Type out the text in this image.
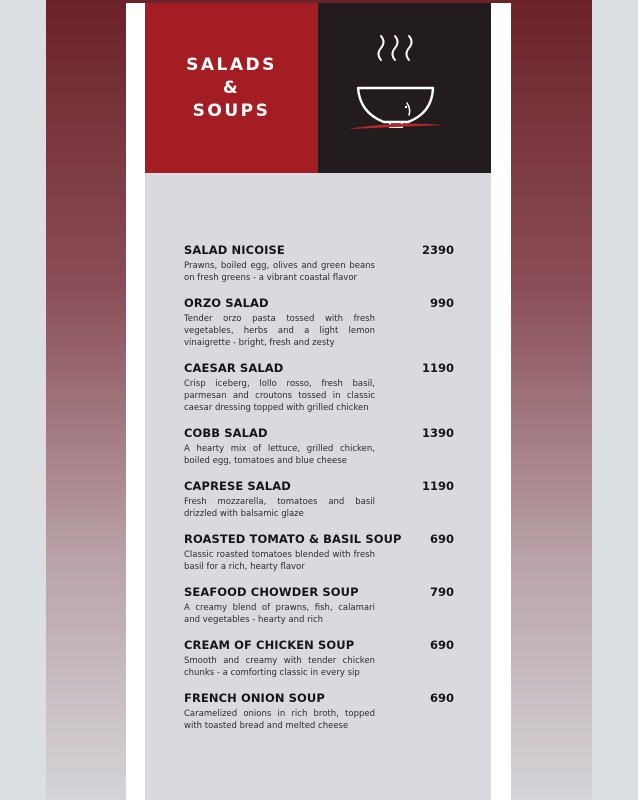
SALADS
&
SOUPS
SALAD NICOISE	2390
Prawns, boiled egg, olives and green beans on fresh greens - a vibrant coastal flavor
ORZO SALAD	990
Tender orzo pasta tossed with fresh vegetables, herbs and a light lemon vinaigrette - bright, fresh and zesty
CAESAR SALAD	1190
Crisp iceberg, lollo rosso, fresh basil, parmesan and croutons tossed in classic caesar dressing topped with grilled chicken
COBB SALAD	1390
A hearty mix of lettuce, grilled chicken, boiled egg, tomatoes and blue cheese
CAPRESE SALAD	1190
Fresh mozzarella, tomatoes and basil drizzled with balsamic glaze
ROASTED TOMATO & BASIL SOUP 690
Classic roasted tomatoes blended with fresh basil for a rich, hearty flavor
SEAFOOD CHOWDER SOUP	790
A creamy blend of prawns, fish, calamari and vegetables - hearty and rich
CREAM OF CHICKEN SOUP	690
Smooth and creamy with tender chicken chunks - a comforting classic in every sip
FRENCH ONION SOUP	690
Caramelized onions in rich broth, topped with toasted bread and melted cheese
